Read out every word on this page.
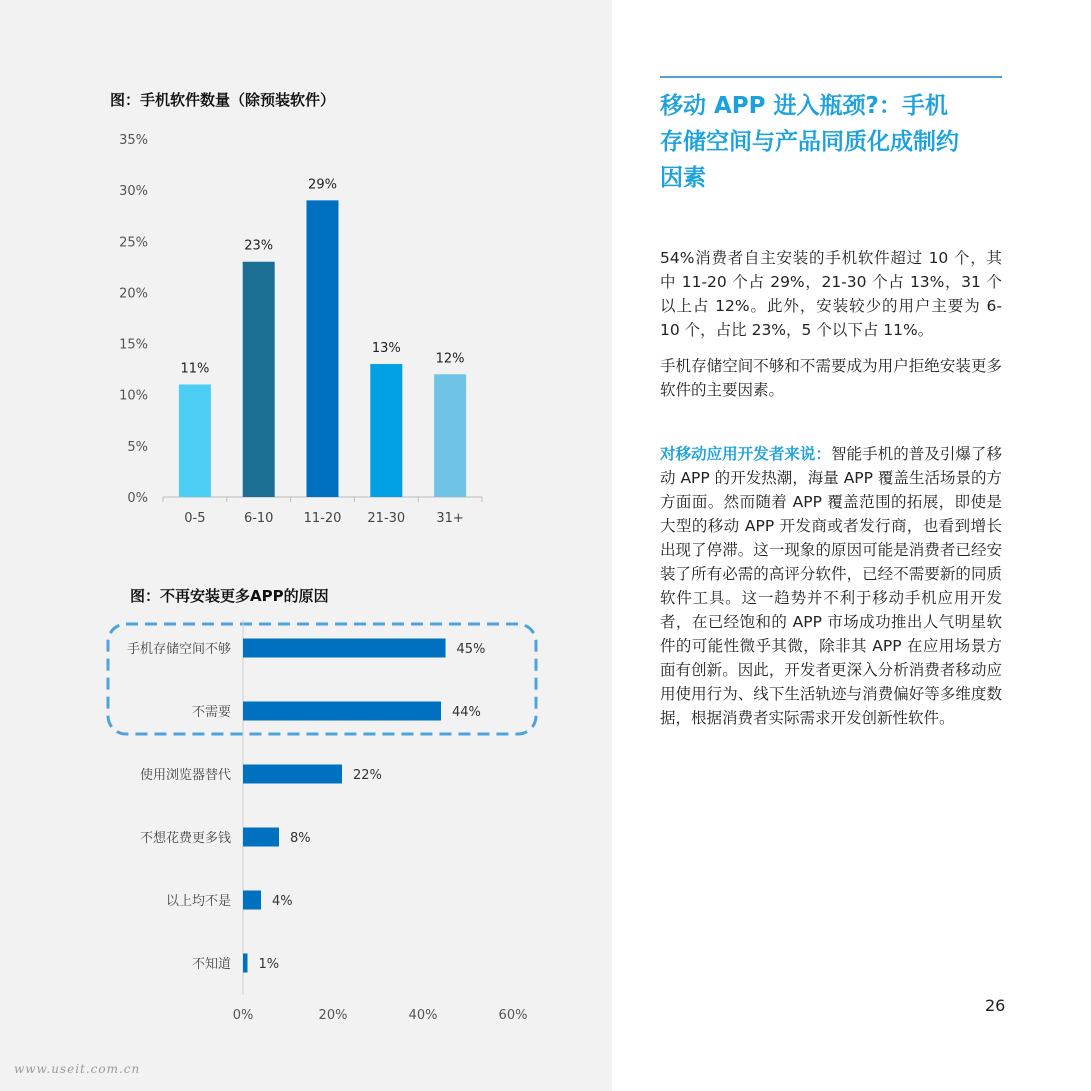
图：手机软件数量（除预装软件）
0%
5%
10%
15%
20%
25%
30%
35%
11%
0-5
23%
6-10
29%
11-20
13%
21-30
12%
31+
图：不再安装更多APP的原因
手机存储空间不够	45%
不需要	44%
使用浏览器替代	22%
不想花费更多钱	8%
以上均不是	4%
不知道 1%
0%	20%	40%	60%
www.useit.com.cn
移动 APP 进入瓶颈?：手机
存储空间与产品同质化成制约
因素

54%消费者自主安装的手机软件超过 10 个，其中 11-20 个占 29%，21-30 个占 13%，31 个以上占 12%。此外，安装较少的用户主要为 6-10 个，占比 23%，5 个以下占 11%。

手机存储空间不够和不需要成为用户拒绝安装更多软件的主要因素。

对移动应用开发者来说：智能手机的普及引爆了移动 APP 的开发热潮，海量 APP 覆盖生活场景的方方面面。然而随着 APP 覆盖范围的拓展，即使是大型的移动 APP 开发商或者发行商，也看到增长出现了停滞。这一现象的原因可能是消费者已经安装了所有必需的高评分软件，已经不需要新的同质软件工具。这一趋势并不利于移动手机应用开发者，在已经饱和的 APP 市场成功推出人气明星软件的可能性微乎其微，除非其 APP 在应用场景方面有创新。因此，开发者更深入分析消费者移动应用使用行为、线下生活轨迹与消费偏好等多维度数据，根据消费者实际需求开发创新性软件。

26
